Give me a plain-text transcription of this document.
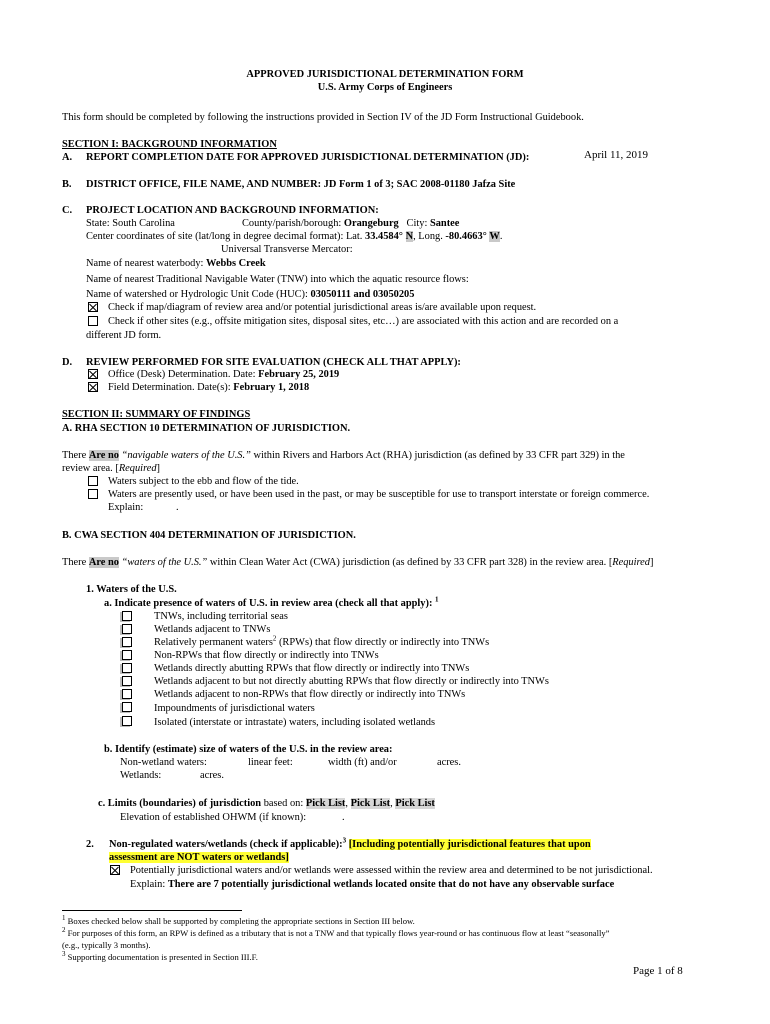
APPROVED JURISDICTIONAL DETERMINATION FORM
U.S. Army Corps of Engineers
This form should be completed by following the instructions provided in Section IV of the JD Form Instructional Guidebook.
SECTION I: BACKGROUND INFORMATION
A. REPORT COMPLETION DATE FOR APPROVED JURISDICTIONAL DETERMINATION (JD):	April 11, 2019
B. DISTRICT OFFICE, FILE NAME, AND NUMBER: JD Form 1 of 3; SAC 2008-01180 Jafza Site
C. PROJECT LOCATION AND BACKGROUND INFORMATION:
State: South Carolina	County/parish/borough: Orangeburg City: Santee
Center coordinates of site (lat/long in degree decimal format): Lat. 33.4584° N, Long. -80.4663° W.
Universal Transverse Mercator:
Name of nearest waterbody: Webbs Creek
Name of nearest Traditional Navigable Water (TNW) into which the aquatic resource flows:
Name of watershed or Hydrologic Unit Code (HUC): 03050111 and 03050205
Check if map/diagram of review area and/or potential jurisdictional areas is/are available upon request.
Check if other sites (e.g., offsite mitigation sites, disposal sites, etc…) are associated with this action and are recorded on a
different JD form.
D. REVIEW PERFORMED FOR SITE EVALUATION (CHECK ALL THAT APPLY):
Office (Desk) Determination. Date: February 25, 2019
Field Determination. Date(s): February 1, 2018
SECTION II: SUMMARY OF FINDINGS
A. RHA SECTION 10 DETERMINATION OF JURISDICTION.
There Are no “navigable waters of the U.S.” within Rivers and Harbors Act (RHA) jurisdiction (as defined by 33 CFR part 329) in the
review area. [Required]
Waters subject to the ebb and flow of the tide.
Waters are presently used, or have been used in the past, or may be susceptible for use to transport interstate or foreign commerce.
Explain:	.
B. CWA SECTION 404 DETERMINATION OF JURISDICTION.
There Are no “waters of the U.S.” within Clean Water Act (CWA) jurisdiction (as defined by 33 CFR part 328) in the review area. [Required]
1. Waters of the U.S.
a. Indicate presence of waters of U.S. in review area (check all that apply): $^1$
TNWs, including territorial seas
Wetlands adjacent to TNWs
Relatively permanent waters$^2$ (RPWs) that flow directly or indirectly into TNWs
Non-RPWs that flow directly or indirectly into TNWs
Wetlands directly abutting RPWs that flow directly or indirectly into TNWs
Wetlands adjacent to but not directly abutting RPWs that flow directly or indirectly into TNWs
Wetlands adjacent to non-RPWs that flow directly or indirectly into TNWs
Impoundments of jurisdictional waters
Isolated (interstate or intrastate) waters, including isolated wetlands
b. Identify (estimate) size of waters of the U.S. in the review area:
Non-wetland waters:	linear feet:	width (ft) and/or	acres.
Wetlands:	acres.
c. Limits (boundaries) of jurisdiction based on: Pick List, Pick List, Pick List
Elevation of established OHWM (if known):	.
2. Non-regulated waters/wetlands (check if applicable):$^3$ [Including potentially jurisdictional features that upon
assessment are NOT waters or wetlands]
Potentially jurisdictional waters and/or wetlands were assessed within the review area and determined to be not jurisdictional.
Explain: There are 7 potentially jurisdictional wetlands located onsite that do not have any observable surface
$^1$ Boxes checked below shall be supported by completing the appropriate sections in Section III below.
$^2$ For purposes of this form, an RPW is defined as a tributary that is not a TNW and that typically flows year-round or has continuous flow at least “seasonally”
(e.g., typically 3 months).
$^3$ Supporting documentation is presented in Section III.F.
Page 1 of 8
